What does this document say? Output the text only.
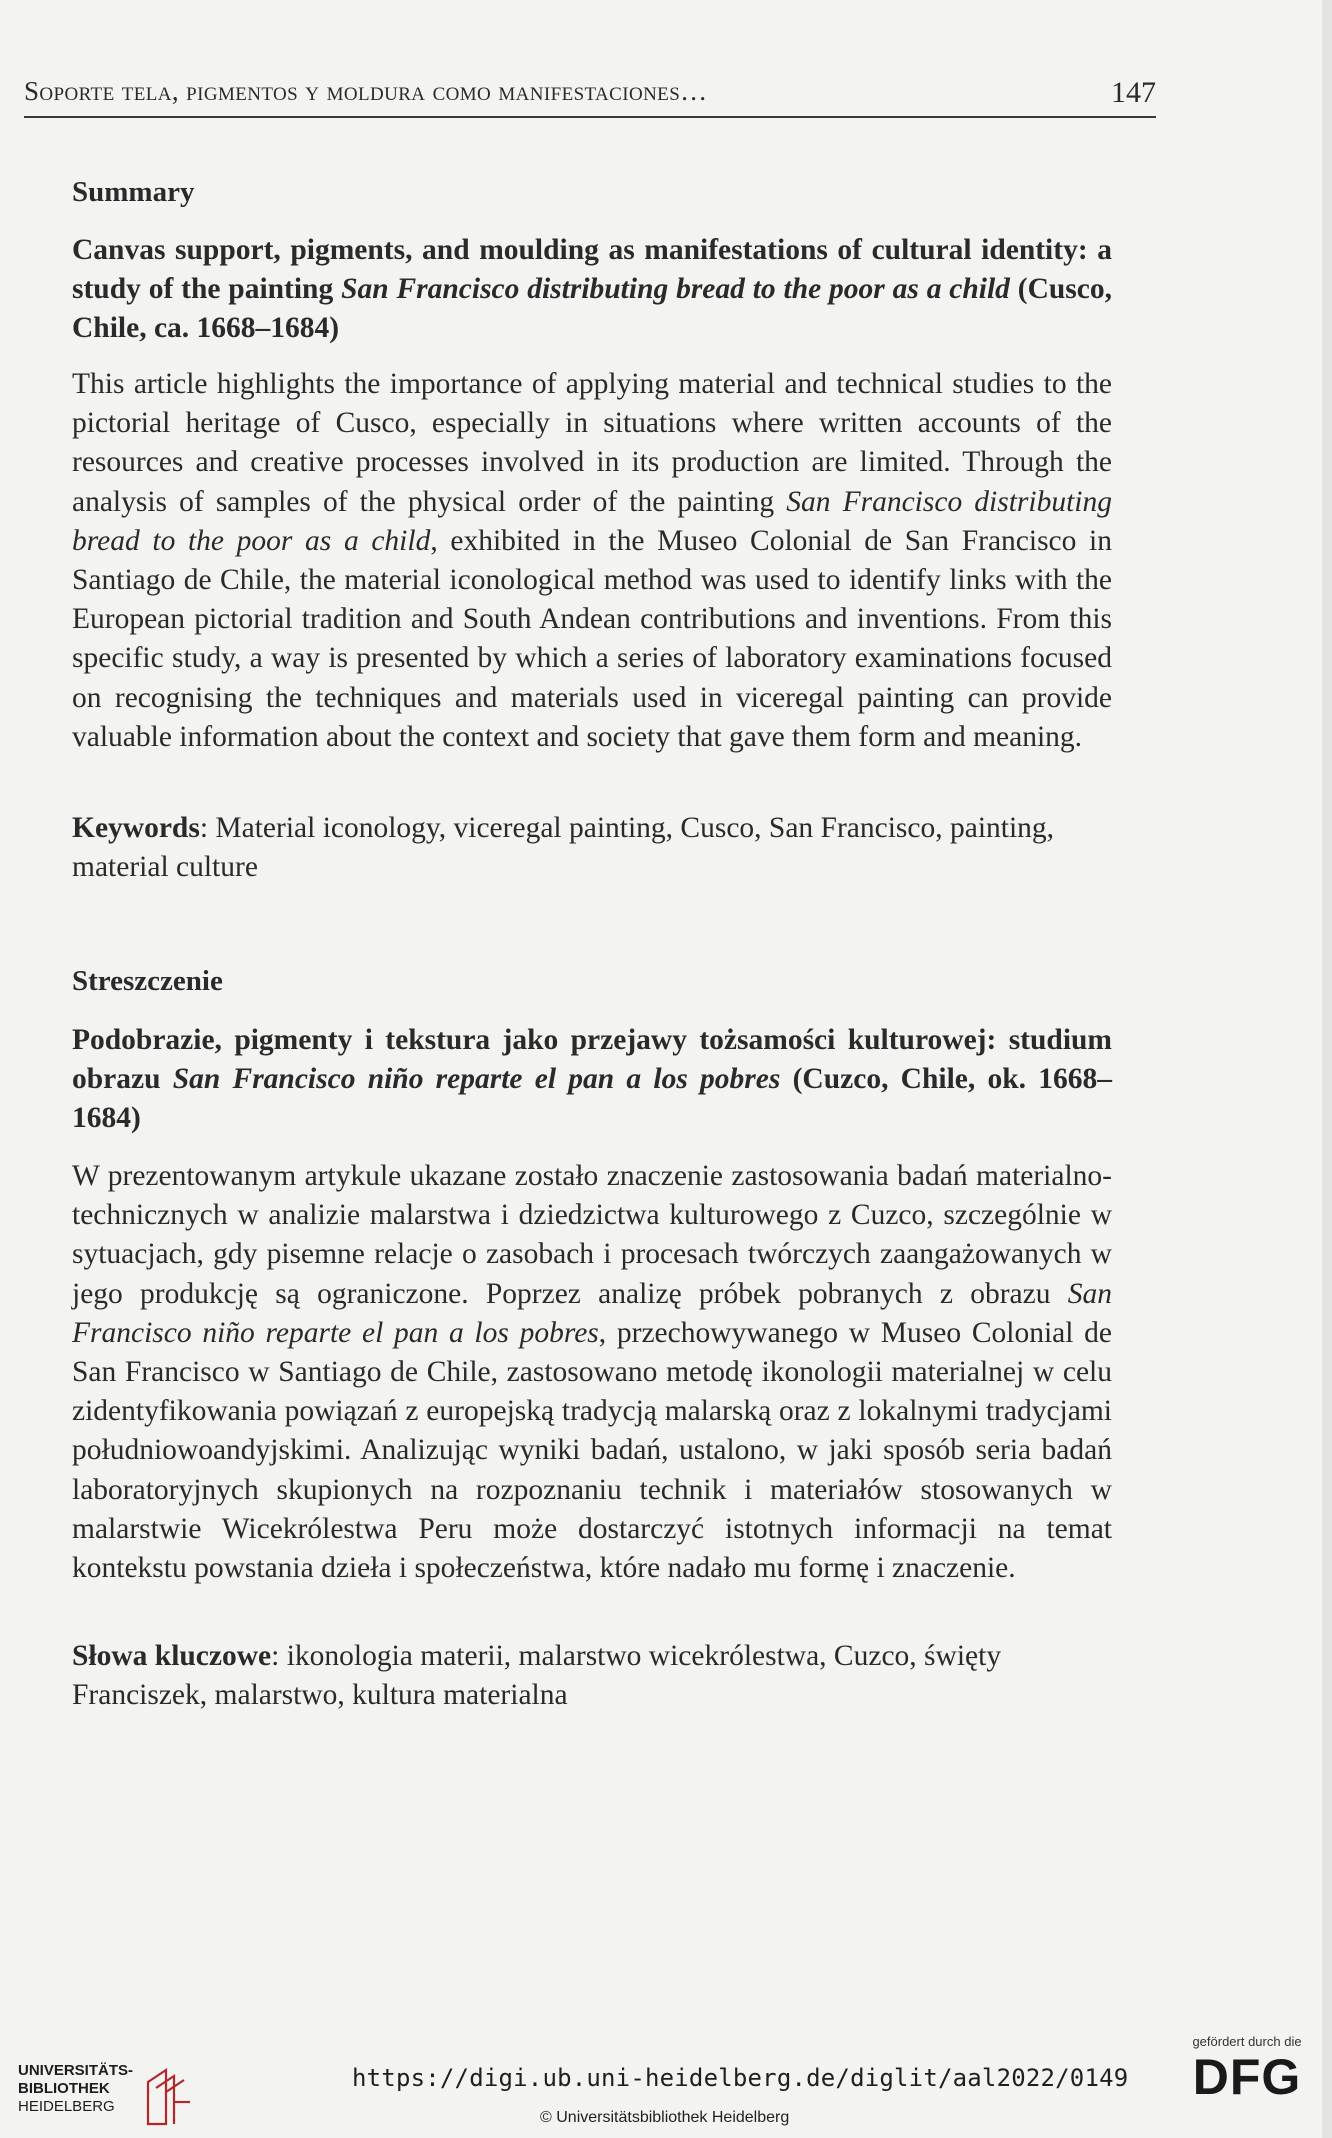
Soporte tela, pigmentos y moldura como manifestaciones…	147
Summary

Canvas support, pigments, and moulding as manifestations of cultural identity: a study of the painting San Francisco distributing bread to the poor as a child (Cusco, Chile, ca. 1668–1684)

This article highlights the importance of applying material and technical studies to the pictorial heritage of Cusco, especially in situations where written accounts of the resources and creative processes involved in its production are limited. Through the analysis of samples of the physical order of the painting San Francisco distributing bread to the poor as a child, exhibited in the Museo Colonial de San Francisco in Santiago de Chile, the material iconological method was used to identify links with the European pictorial tradition and South Andean contributions and inventions. From this specific study, a way is presented by which a series of laboratory examinations focused on recognising the techniques and materials used in viceregal painting can provide valuable information about the context and society that gave them form and meaning.

Keywords: Material iconology, viceregal painting, Cusco, San Francisco, painting, material culture

Streszczenie

Podobrazie, pigmenty i tekstura jako przejawy tożsamości kulturowej: studium obrazu San Francisco niño reparte el pan a los pobres (Cuzco, Chile, ok. 1668–1684)

W prezentowanym artykule ukazane zostało znaczenie zastosowania badań materialno-technicznych w analizie malarstwa i dziedzictwa kulturowego z Cuzco, szczególnie w sytuacjach, gdy pisemne relacje o zasobach i procesach twórczych zaangażowanych w jego produkcję są ograniczone. Poprzez analizę próbek pobranych z obrazu San Francisco niño reparte el pan a los pobres, przechowywanego w Museo Colonial de San Francisco w Santiago de Chile, zastosowano metodę ikonologii materialnej w celu zidentyfikowania powiązań z europejską tradycją malarską oraz z lokalnymi tradycjami południowoandyjskimi. Analizując wyniki badań, ustalono, w jaki sposób seria badań laboratoryjnych skupionych na rozpoznaniu technik i materiałów stosowanych w malarstwie Wicekrólestwa Peru może dostarczyć istotnych informacji na temat kontekstu powstania dzieła i społeczeństwa, które nadało mu formę i znaczenie.

Słowa kluczowe: ikonologia materii, malarstwo wicekrólestwa, Cuzco, święty Franciszek, malarstwo, kultura materialna

UNIVERSITÄTS-
BIBLIOTHEK
HEIDELBERG
https://digi.ub.uni-heidelberg.de/diglit/aal2022/0149
© Universitätsbibliothek Heidelberg
gefördert durch die
DFG
